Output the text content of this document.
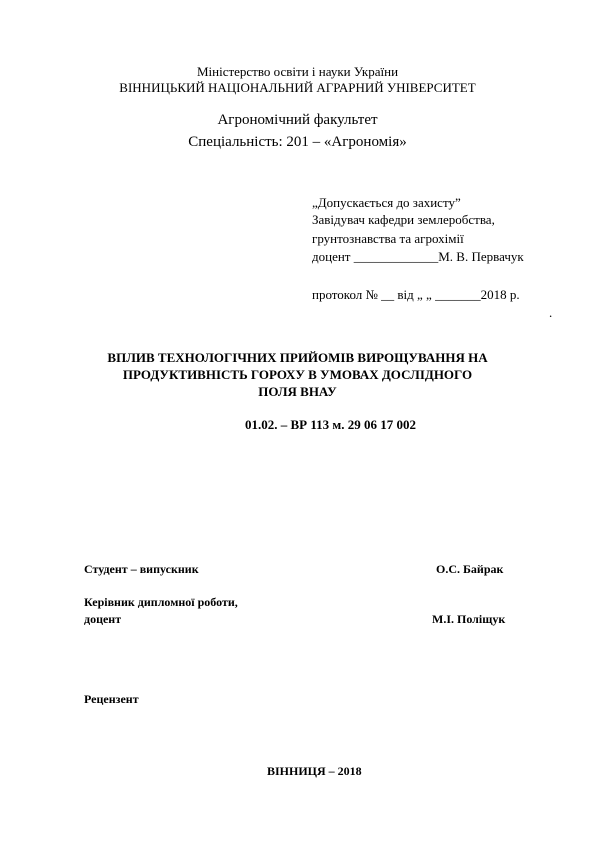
Міністерство освіти і науки України
ВІННИЦЬКИЙ НАЦІОНАЛЬНИЙ АГРАРНИЙ УНІВЕРСИТЕТ
Агрономічний факультет
Спеціальність: 201 – «Агрономія»
„Допускається до захисту”
Завідувач кафедри землеробства,
грунтознавства та агрохімії
доцент _____________М. В. Первачук
протокол № __ від „ „ _______2018 р.
.
ВПЛИВ ТЕХНОЛОГІЧНИХ ПРИЙОМІВ ВИРОЩУВАННЯ НА
ПРОДУКТИВНІСТЬ ГОРОХУ В УМОВАХ ДОСЛІДНОГО
ПОЛЯ ВНАУ
01.02. – ВР 113 м. 29 06 17 002
Студент – випускник	О.С. Байрак
Керівник дипломної роботи,
доцент	М.І. Поліщук
Рецензент
ВІННИЦЯ – 2018
